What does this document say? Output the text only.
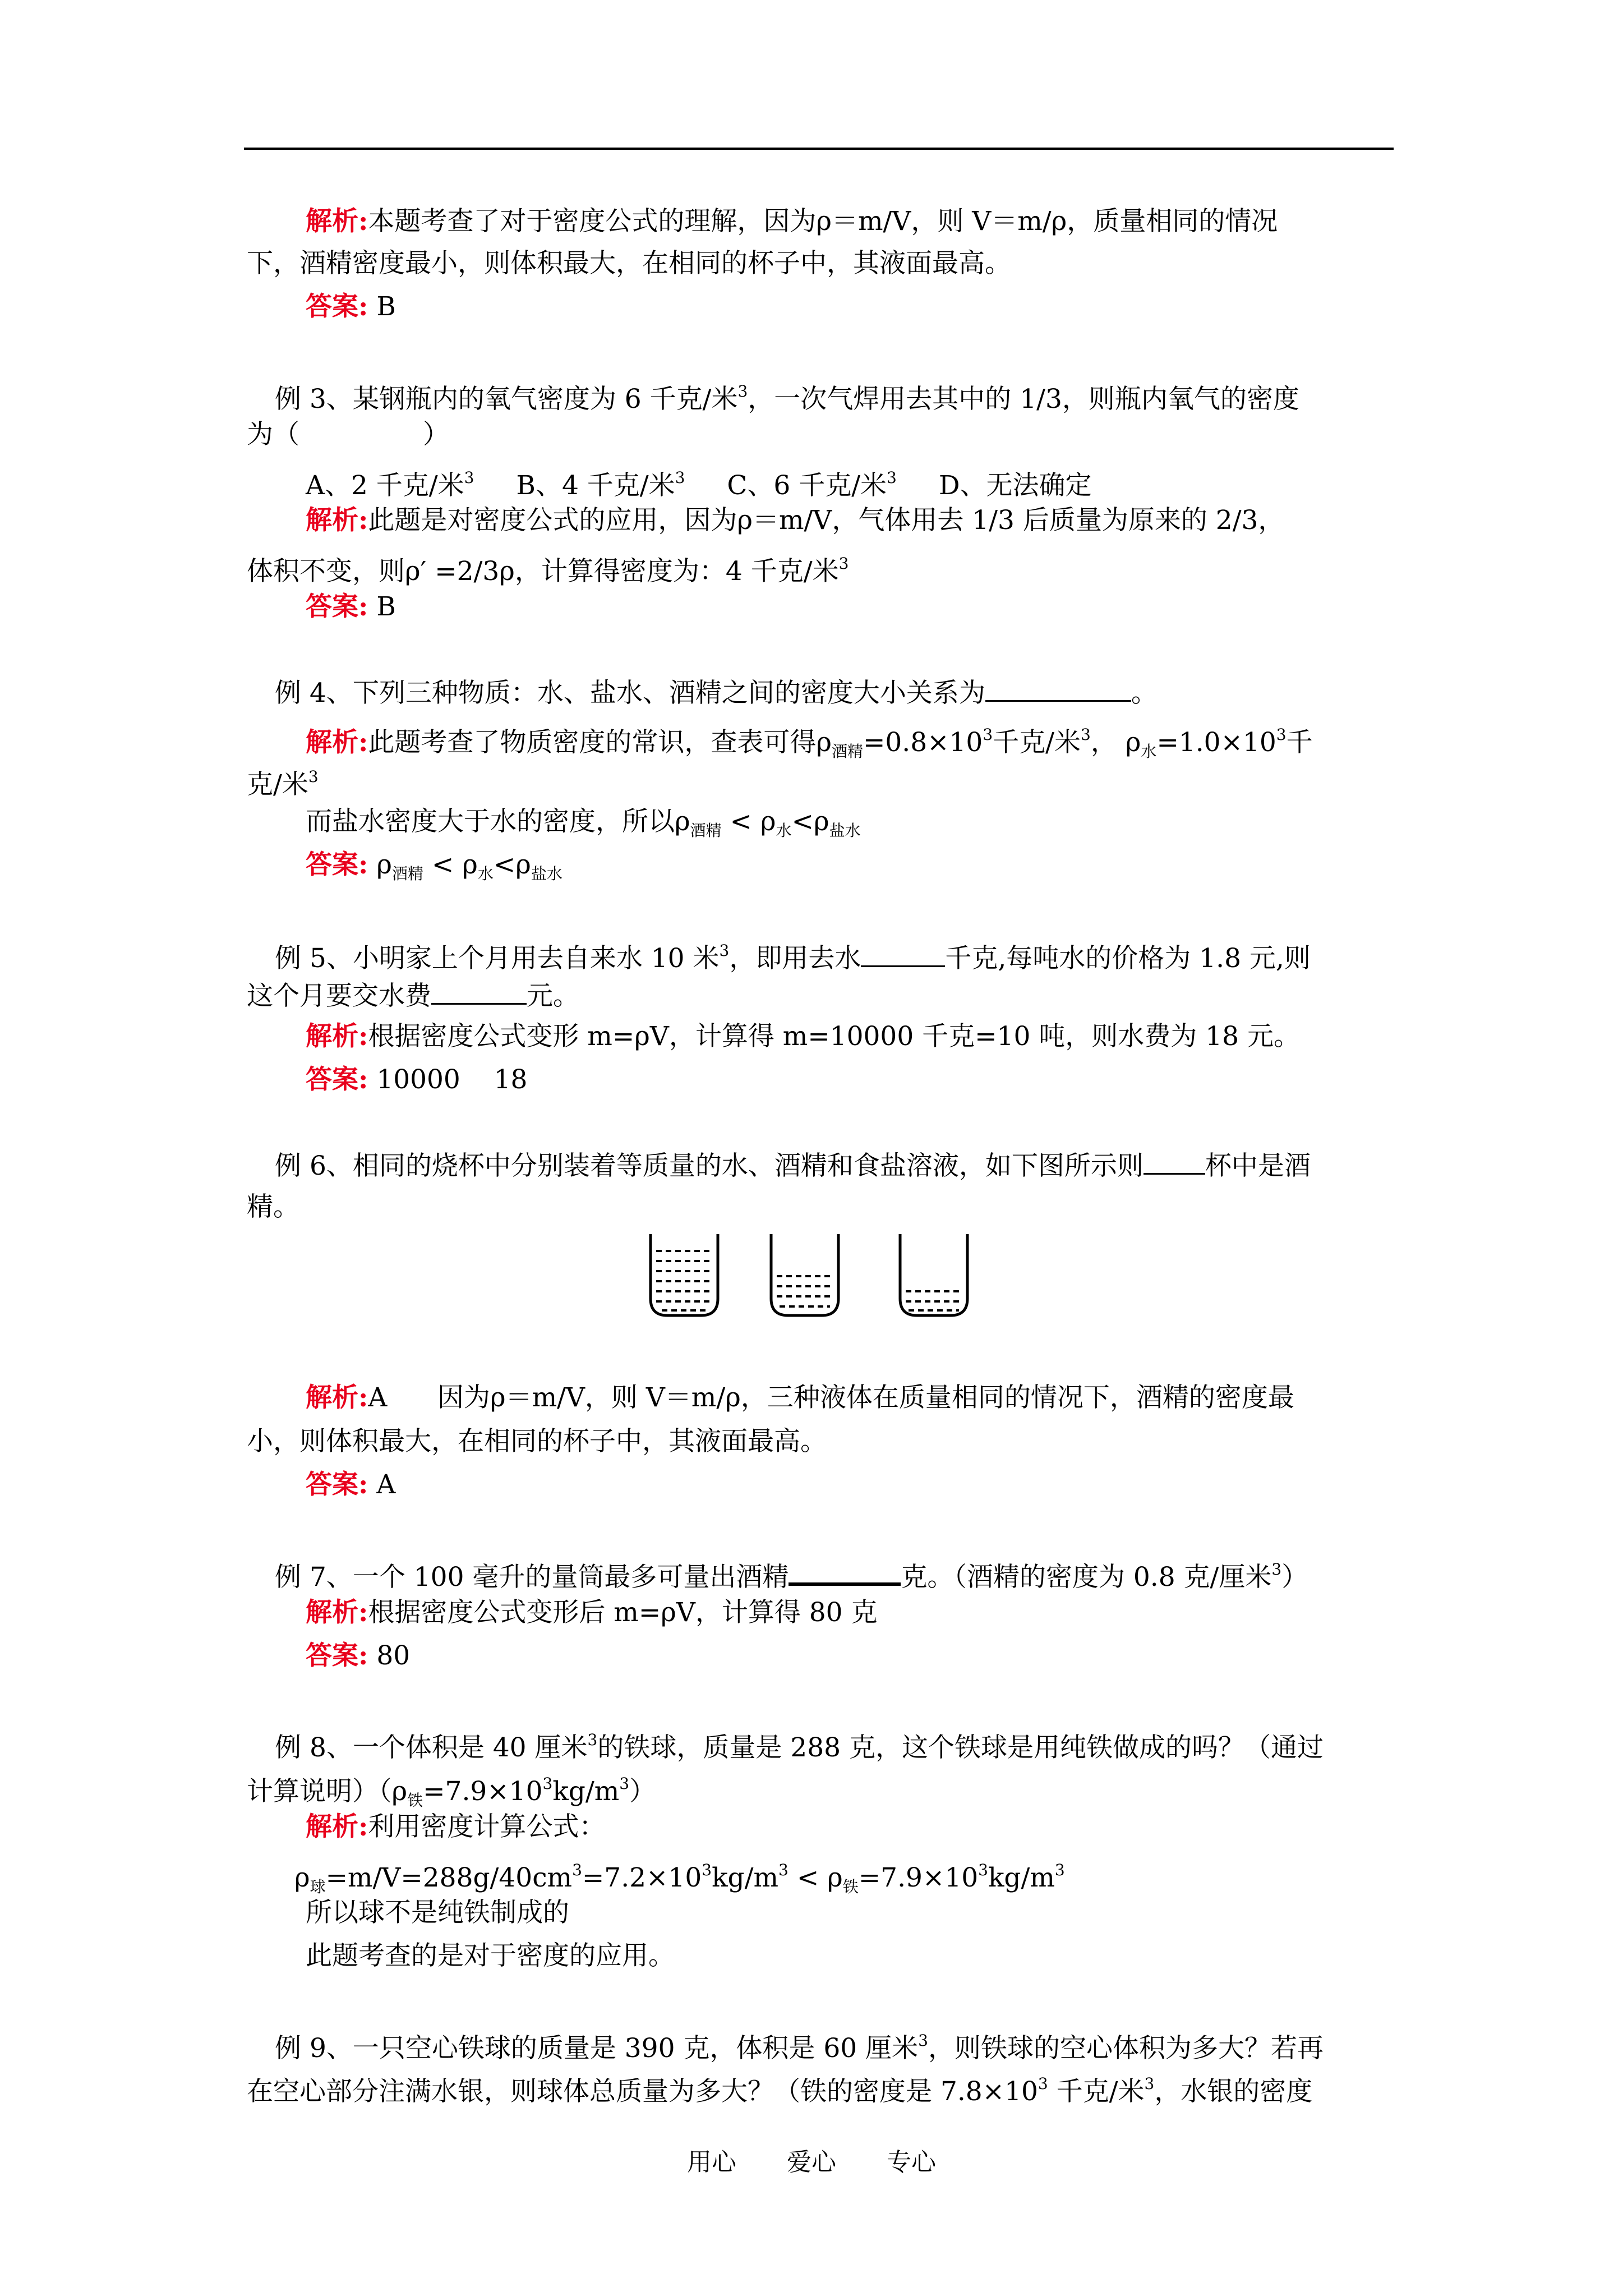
解析:本题考查了对于密度公式的理解，因为ρ＝m/V，则 V＝m/ρ，质量相同的情况
下，酒精密度最小，则体积最大，在相同的杯子中，其液面最高。
答案: B
例 3、某钢瓶内的氧气密度为 6 千克/米$^3$，一次气焊用去其中的 1/3，则瓶内氧气的密度
为（	）
A、2 千克/米$^3$ B、4 千克/米$^3$ C、6 千克/米$^3$ D、无法确定
解析:此题是对密度公式的应用，因为ρ＝m/V，气体用去 1/3 后质量为原来的 2/3，
体积不变，则ρ′ =2/3ρ，计算得密度为：4 千克/米$^3$
答案: B
例 4、下列三种物质：水、盐水、酒精之间的密度大小关系为	。
解析:此题考查了物质密度的常识，查表可得$\rho_{酒精}=0.8\times 10^3$千克/米$^3$， $\rho_水=1.0\times 10^3$千
克/米$^3$
而盐水密度大于水的密度，所以$\rho_{酒精} < \rho_水<\rho_{盐水}$
答案: $\rho_{酒精} < \rho_水<\rho_{盐水}$
例 5、小明家上个月用去自来水 10 米$^3$，即用去水	千克,每吨水的价格为 1.8 元,则
这个月要交水费	元。
解析:根据密度公式变形 m=ρV，计算得 m=10000 千克=10 吨，则水费为 18 元。
答案: 10000    18
例 6、相同的烧杯中分别装着等质量的水、酒精和食盐溶液，如下图所示则 杯中是酒
精。
解析:A      因为ρ＝m/V，则 V＝m/ρ，三种液体在质量相同的情况下，酒精的密度最
小，则体积最大，在相同的杯子中，其液面最高。
答案: A
例 7、一个 100 毫升的量筒最多可量出酒精	克。（酒精的密度为 0.8 克/厘米$^3$）
解析:根据密度公式变形后 m=ρV，计算得 80 克
答案: 80
例 8、一个体积是 40 厘米$^3$的铁球，质量是 288 克，这个铁球是用纯铁做成的吗？（通过
计算说明）$(\rho_铁=7.9\times 10^3kg/m^3)$
解析:利用密度计算公式：
$\rho_球=m/V=288g/40cm^3=7.2\times 10^3kg/m^3 < \rho_铁=7.9\times 10^3kg/m^3$
所以球不是纯铁制成的
此题考查的是对于密度的应用。
例 9、一只空心铁球的质量是 390 克，体积是 60 厘米$^3$，则铁球的空心体积为多大？若再
在空心部分注满水银，则球体总质量为多大？（铁的密度是 $7.8\times 10^3$ 千克/米$^3$，水银的密度
用心 爱心 专心
